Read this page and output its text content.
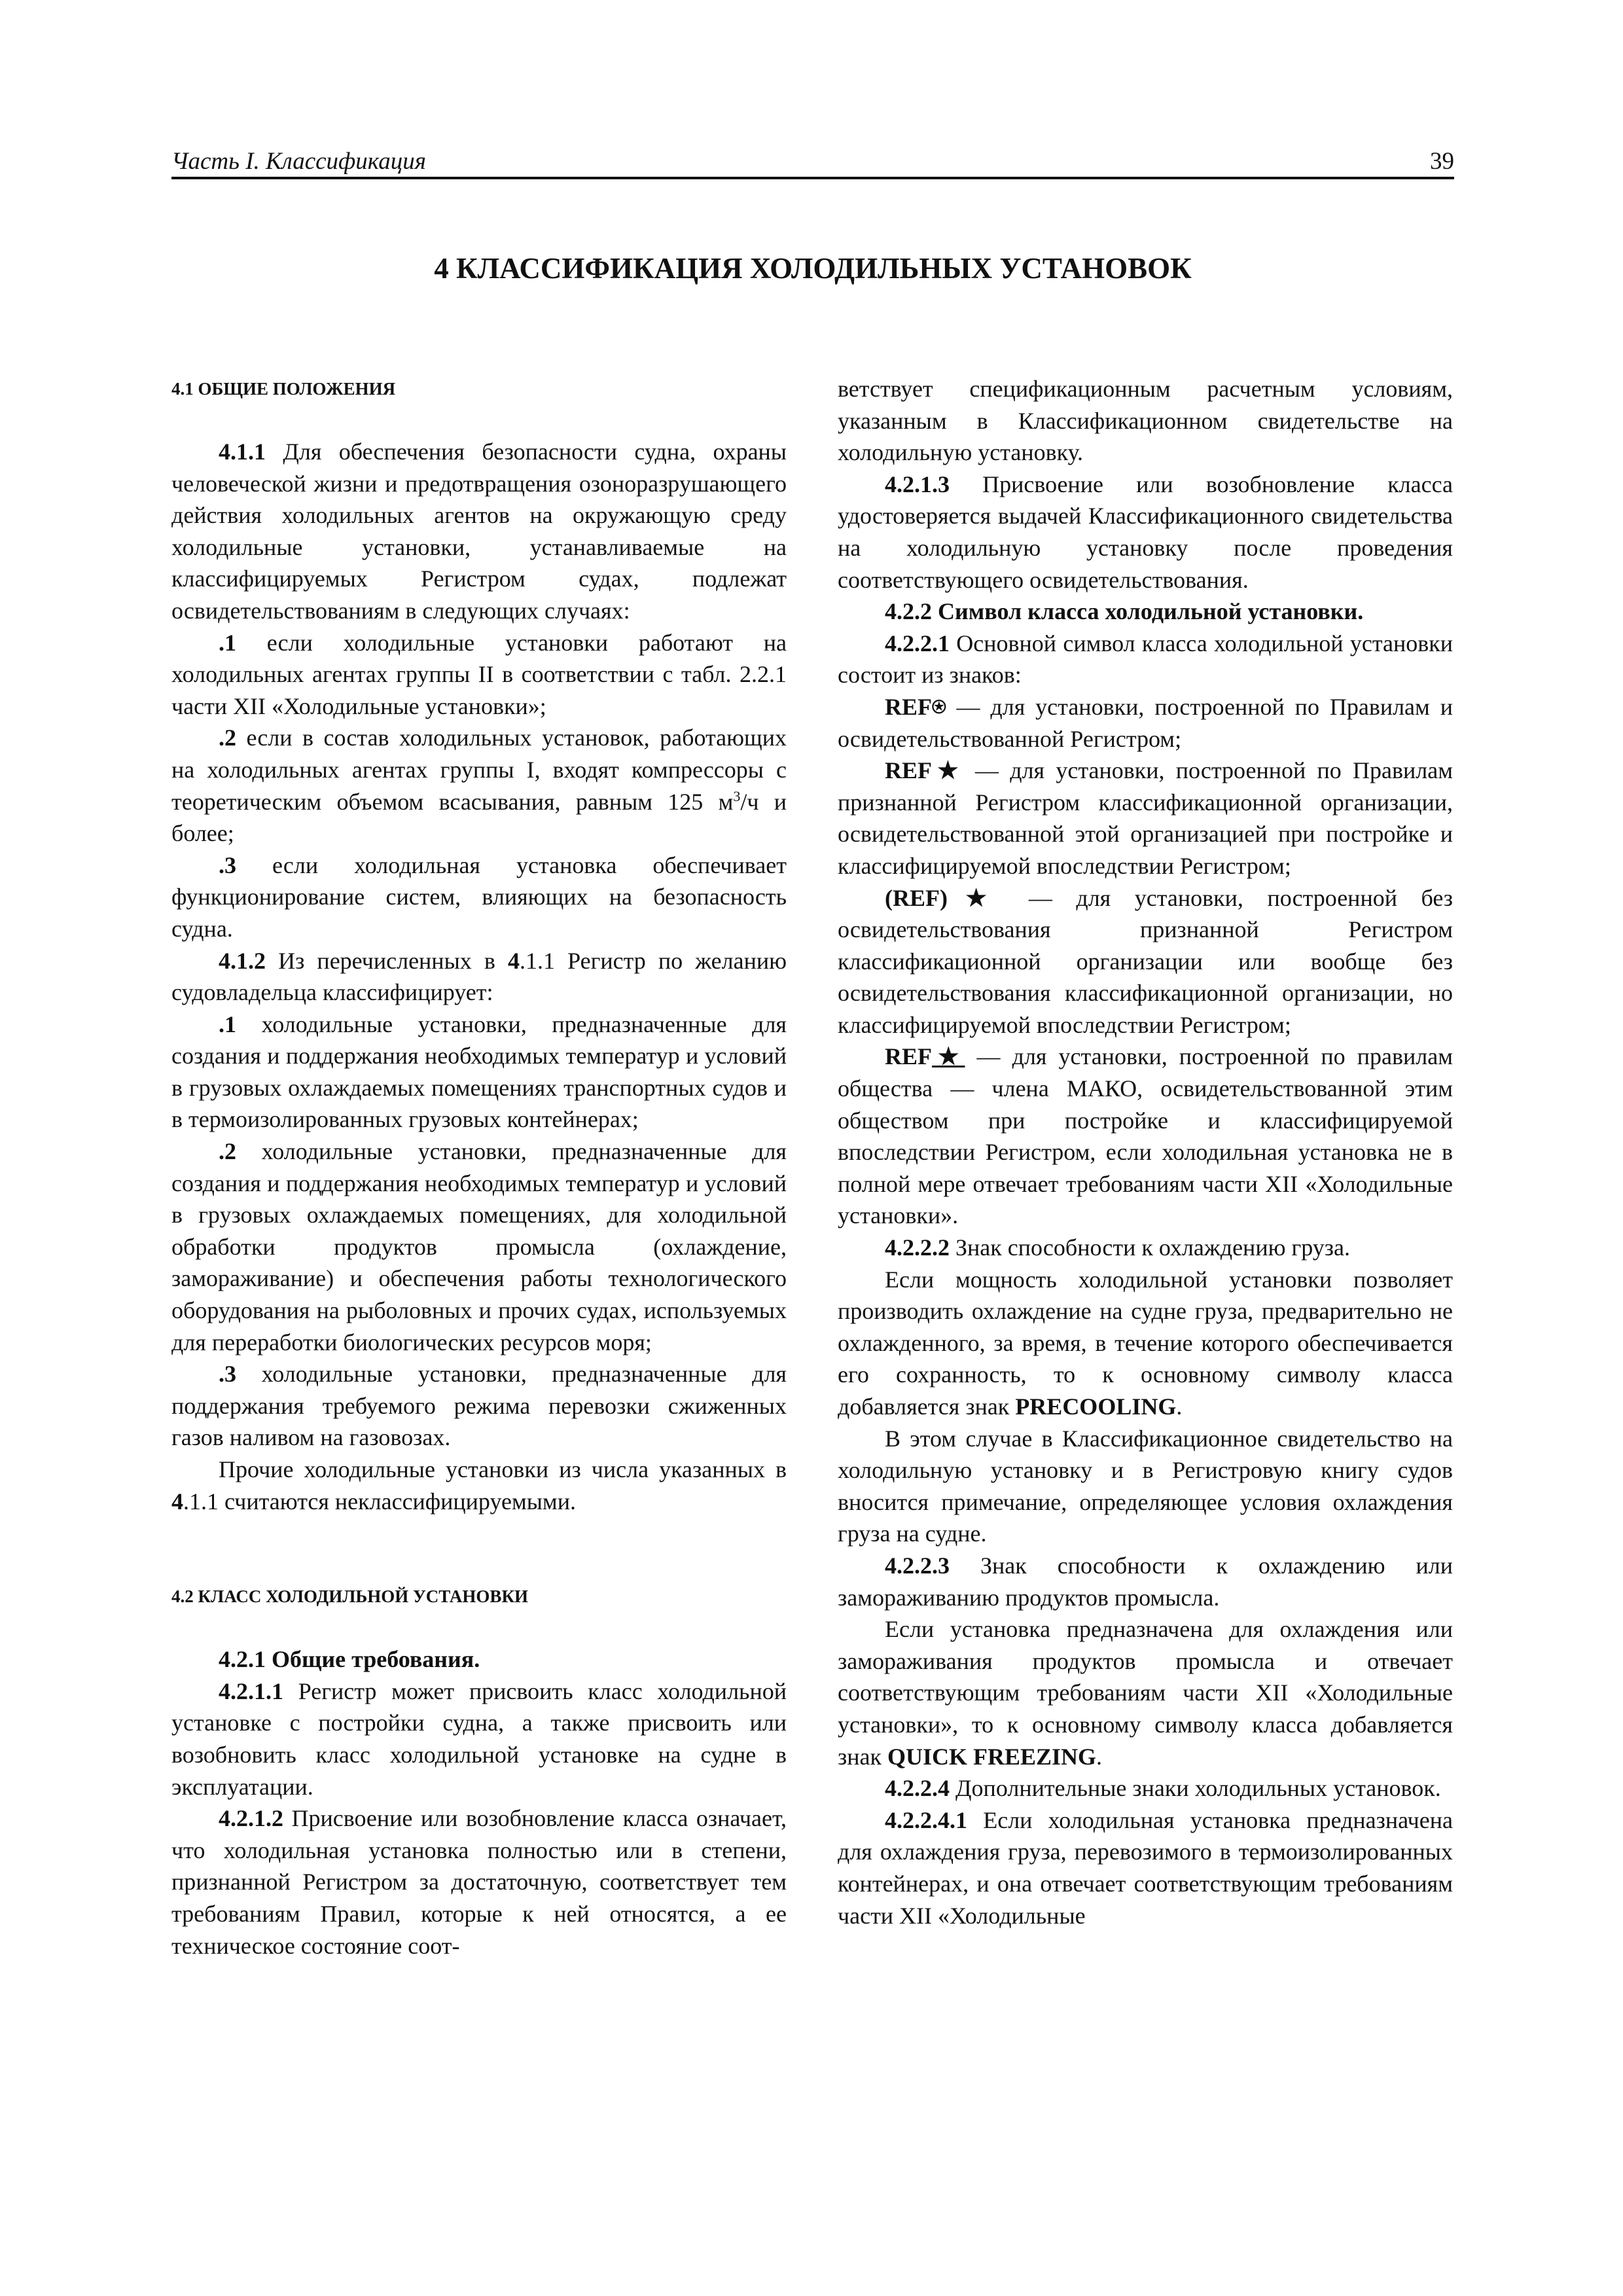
Часть I. Классификация	39
4 КЛАССИФИКАЦИЯ ХОЛОДИЛЬНЫХ УСТАНОВОК

4.1 ОБЩИЕ ПОЛОЖЕНИЯ

4.1.1 Для обеспечения безопасности судна, охраны человеческой жизни и предотвращения озоноразрушающего действия холодильных агентов на окружающую среду холодильные установки, устанавливаемые на классифицируемых Регистром судах, подлежат освидетельствованиям в следующих случаях:

.1 если холодильные установки работают на холодильных агентах группы II в соответствии с табл. 2.2.1 части XII «Холодильные установки»;

.2 если в состав холодильных установок, работающих на холодильных агентах группы I, входят компрессоры с теоретическим объемом всасывания, равным 125 $м^3/ч$ и более;

.3 если холодильная установка обеспечивает функционирование систем, влияющих на безопасность судна.

4.1.2 Из перечисленных в 4.1.1 Регистр по желанию судовладельца классифицирует:

.1 холодильные установки, предназначенные для создания и поддержания необходимых температур и условий в грузовых охлаждаемых помещениях транспортных судов и в термоизолированных грузовых контейнерах;

.2 холодильные установки, предназначенные для создания и поддержания необходимых температур и условий в грузовых охлаждаемых помещениях, для холодильной обработки продуктов промысла (охлаждение, замораживание) и обеспечения работы технологического оборудования на рыболовных и прочих судах, используемых для переработки биологических ресурсов моря;

.3 холодильные установки, предназначенные для поддержания требуемого режима перевозки сжиженных газов наливом на газовозах.

Прочие холодильные установки из числа указанных в 4.1.1 считаются неклассифицируемыми.

4.2 КЛАСС ХОЛОДИЛЬНОЙ УСТАНОВКИ

4.2.1 Общие требования.

4.2.1.1 Регистр может присвоить класс холодильной установке с постройки судна, а также присвоить или возобновить класс холодильной установке на судне в эксплуатации.

4.2.1.2 Присвоение или возобновление класса означает, что холодильная установка полностью или в степени, признанной Регистром за достаточную, соответствует тем требованиям Правил, которые к ней относятся, а ее техническое состояние соот-

ветствует спецификационным расчетным условиям, указанным в Классификационном свидетельстве на холодильную установку.

4.2.1.3 Присвоение или возобновление класса удостоверяется выдачей Классификационного свидетельства на холодильную установку после проведения соответствующего освидетельствования.

4.2.2 Символ класса холодильной установки.

4.2.2.1 Основной символ класса холодильной установки состоит из знаков:

REF⍟ — для установки, построенной по Правилам и освидетельствованной Регистром;

REF★ — для установки, построенной по Правилам признанной Регистром классификационной организации, освидетельствованной этой организацией при постройке и классифицируемой впоследствии Регистром;

(REF)★ — для установки, построенной без освидетельствования признанной Регистром классификационной организации или вообще без освидетельствования классификационной организации, но классифицируемой впоследствии Регистром;

REF★ — для установки, построенной по правилам общества — члена МАКО, освидетельствованной этим обществом при постройке и классифицируемой впоследствии Регистром, если холодильная установка не в полной мере отвечает требованиям части XII «Холодильные установки».

4.2.2.2 Знак способности к охлаждению груза.

Если мощность холодильной установки позволяет производить охлаждение на судне груза, предварительно не охлажденного, за время, в течение которого обеспечивается его сохранность, то к основному символу класса добавляется знак PRECOOLING.

В этом случае в Классификационное свидетельство на холодильную установку и в Регистровую книгу судов вносится примечание, определяющее условия охлаждения груза на судне.

4.2.2.3 Знак способности к охлаждению или замораживанию продуктов промысла.

Если установка предназначена для охлаждения или замораживания продуктов промысла и отвечает соответствующим требованиям части XII «Холодильные установки», то к основному символу класса добавляется знак QUICK FREEZING.

4.2.2.4 Дополнительные знаки холодильных установок.

4.2.2.4.1 Если холодильная установка предназначена для охлаждения груза, перевозимого в термоизолированных контейнерах, и она отвечает соответствующим требованиям части XII «Холодильные
